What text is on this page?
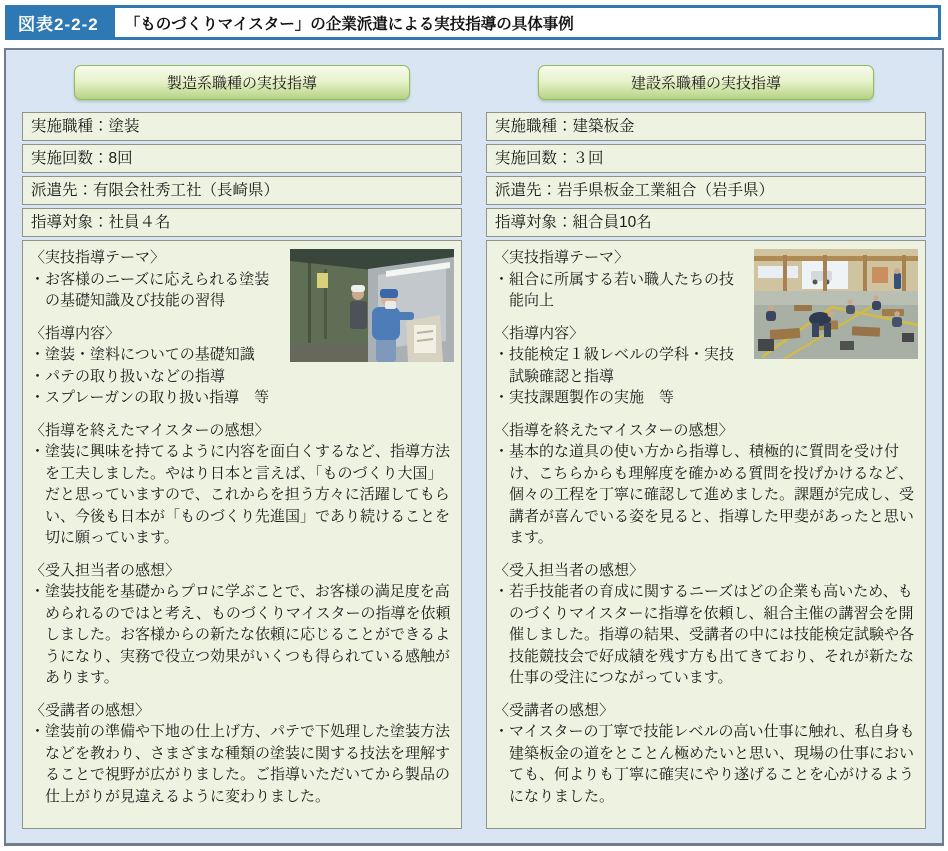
図表2-2-2	「ものづくりマイスター」の企業派遣による実技指導の具体事例
製造系職種の実技指導
実施職種：塗装
実施回数：8回
派遣先：有限会社秀工社（長崎県）
指導対象：社員４名
〈実技指導テーマ〉

・お客様のニーズに応えられる塗装の基礎知識及び技能の習得

〈指導内容〉

・塗装・塗料についての基礎知識

・パテの取り扱いなどの指導

・スプレーガンの取り扱い指導　等

〈指導を終えたマイスターの感想〉

・塗装に興味を持てるように内容を面白くするなど、指導方法を工夫しました。やはり日本と言えば、「ものづくり大国」だと思っていますので、これからを担う方々に活躍してもらい、今後も日本が「ものづくり先進国」であり続けることを切に願っています。

〈受入担当者の感想〉

・塗装技能を基礎からプロに学ぶことで、お客様の満足度を高められるのではと考え、ものづくりマイスターの指導を依頼しました。お客様からの新たな依頼に応じることができるようになり、実務で役立つ効果がいくつも得られている感触があります。

〈受講者の感想〉

・塗装前の準備や下地の仕上げ方、パテで下処理した塗装方法などを教わり、さまざまな種類の塗装に関する技法を理解することで視野が広がりました。ご指導いただいてから製品の仕上がりが見違えるように変わりました。

建設系職種の実技指導
実施職種：建築板金
実施回数：３回
派遣先：岩手県板金工業組合（岩手県）
指導対象：組合員10名
〈実技指導テーマ〉

・組合に所属する若い職人たちの技能向上

〈指導内容〉

・技能検定１級レベルの学科・実技試験確認と指導

・実技課題製作の実施　等

〈指導を終えたマイスターの感想〉

・基本的な道具の使い方から指導し、積極的に質問を受け付け、こちらからも理解度を確かめる質問を投げかけるなど、個々の工程を丁寧に確認して進めました。課題が完成し、受講者が喜んでいる姿を見ると、指導した甲斐があったと思います。

〈受入担当者の感想〉

・若手技能者の育成に関するニーズはどの企業も高いため、ものづくりマイスターに指導を依頼し、組合主催の講習会を開催しました。指導の結果、受講者の中には技能検定試験や各技能競技会で好成績を残す方も出てきており、それが新たな仕事の受注につながっています。

〈受講者の感想〉

・マイスターの丁寧で技能レベルの高い仕事に触れ、私自身も建築板金の道をとことん極めたいと思い、現場の仕事においても、何よりも丁寧に確実にやり遂げることを心がけるようになりました。
